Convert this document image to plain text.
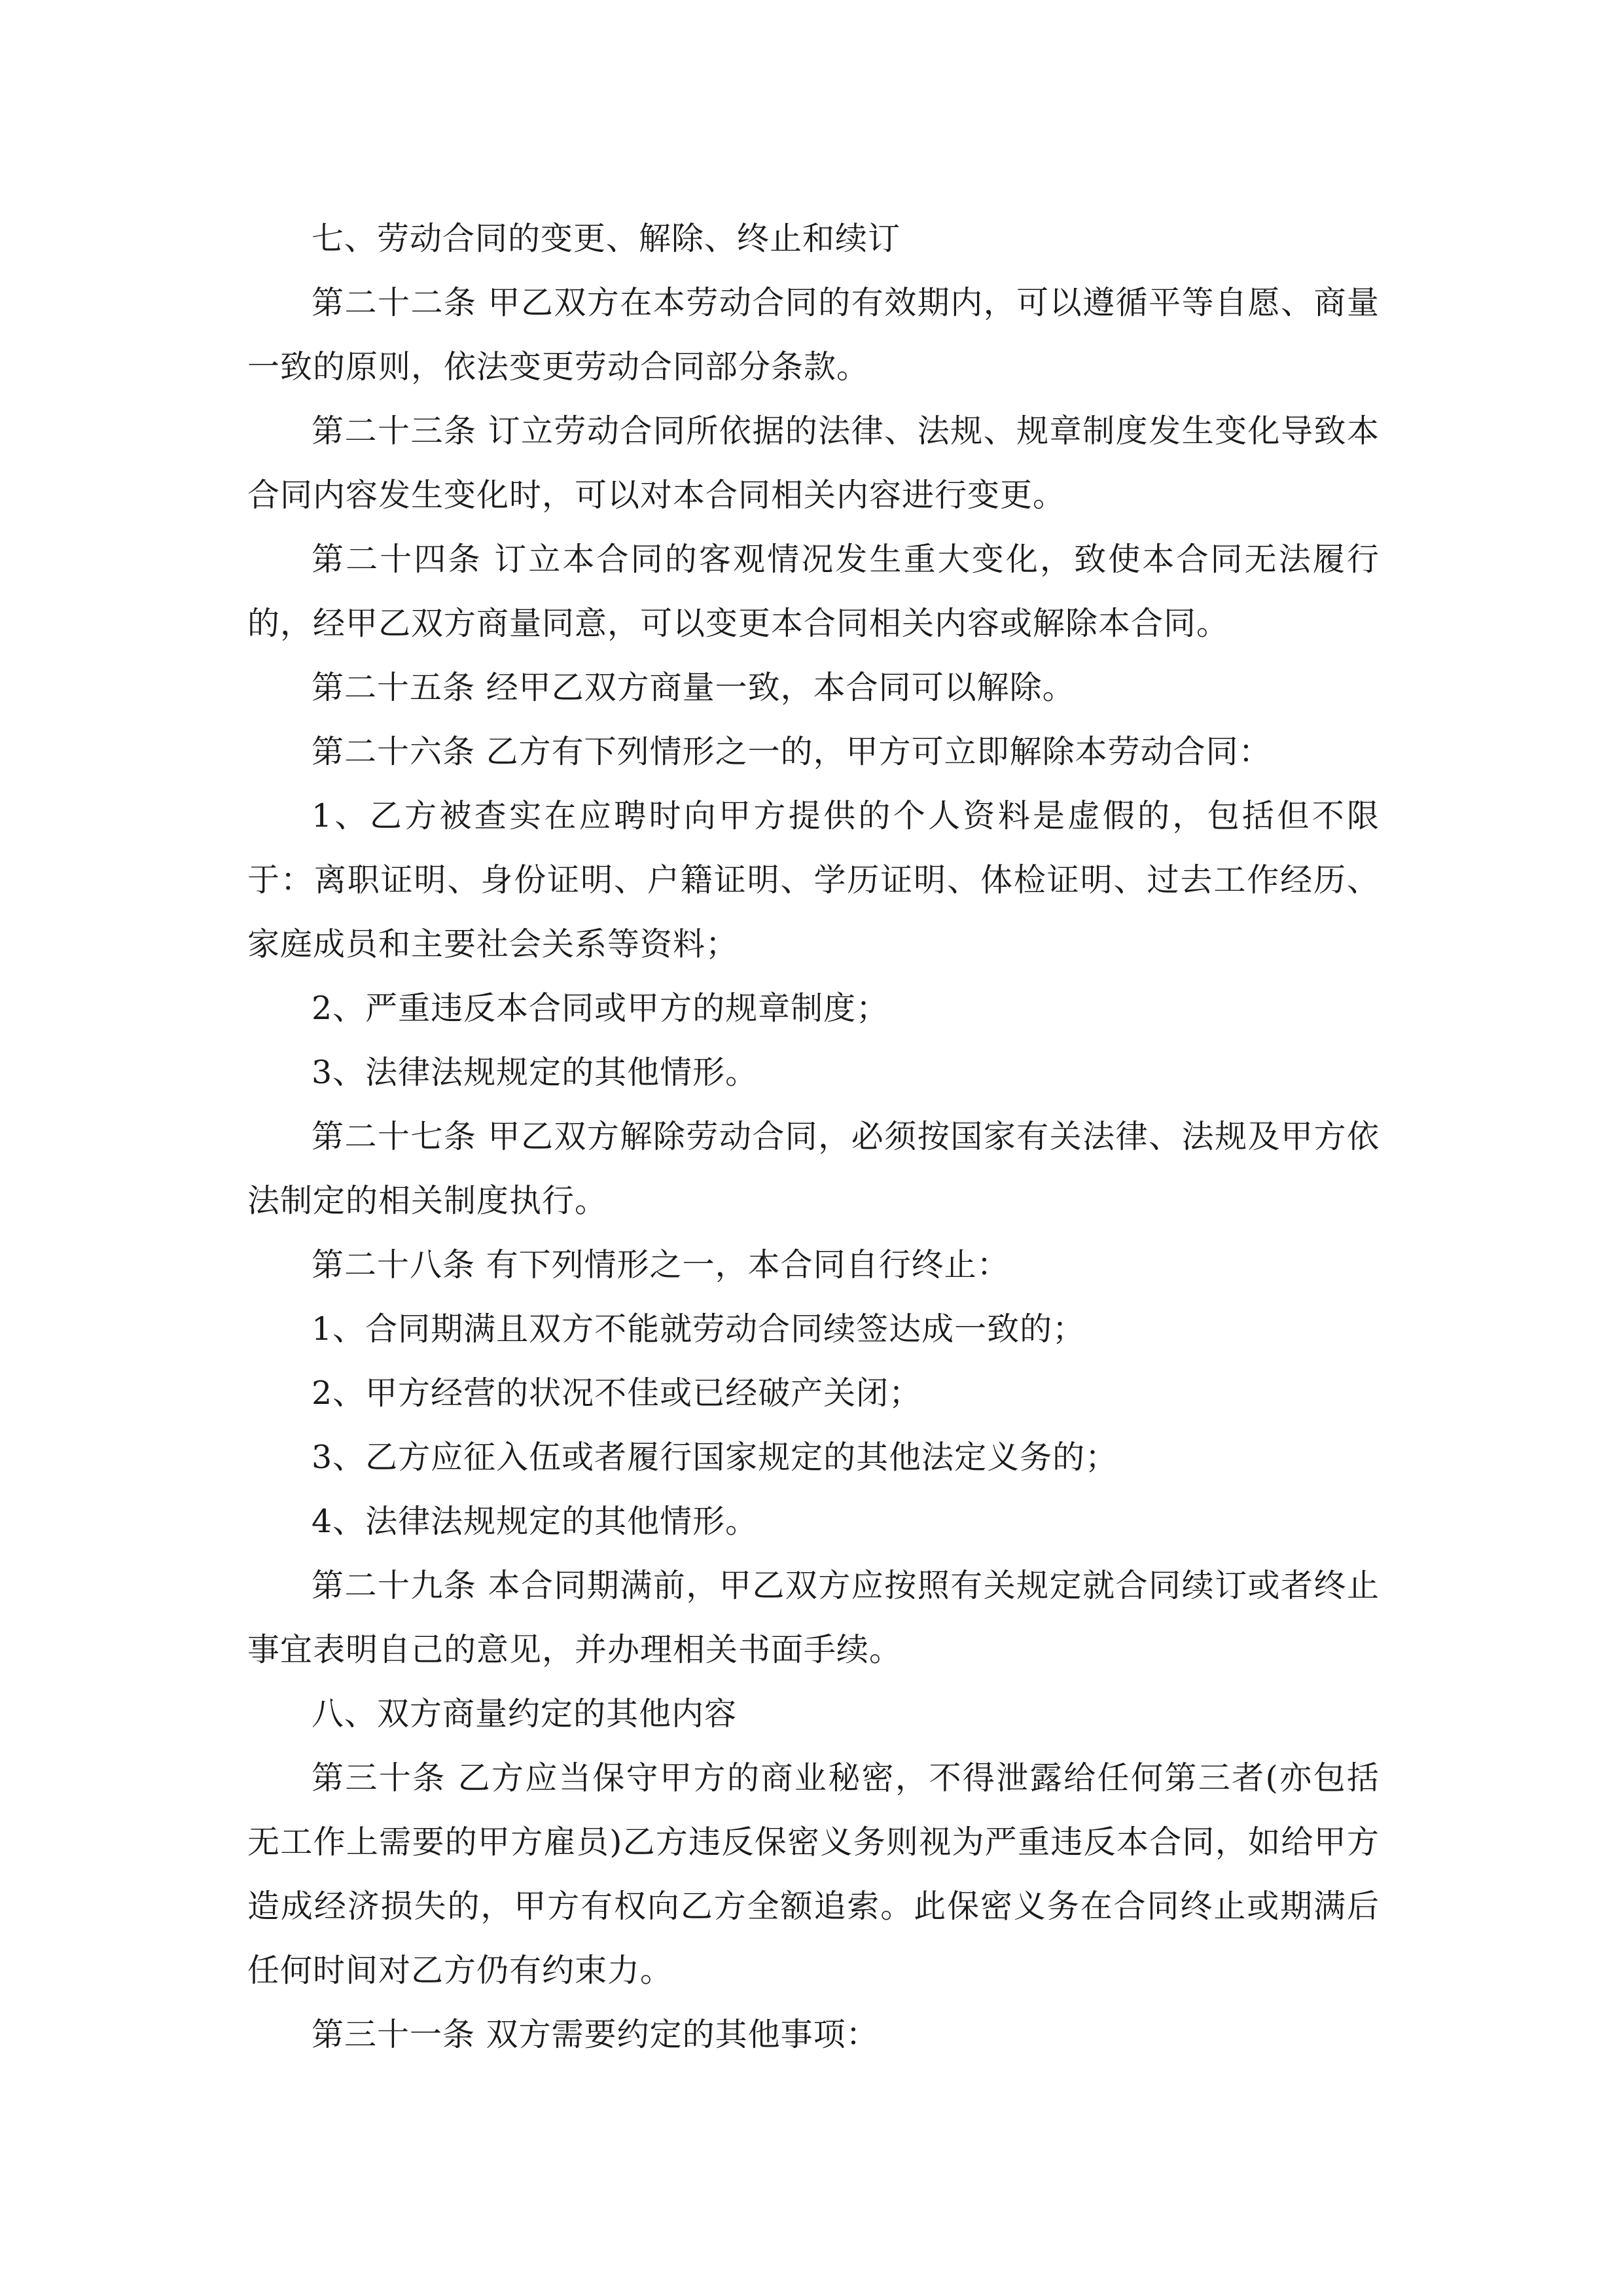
七、劳动合同的变更、解除、终止和续订

第二十二条 甲乙双方在本劳动合同的有效期内，可以遵循平等自愿、商量一致的原则，依法变更劳动合同部分条款。

第二十三条 订立劳动合同所依据的法律、法规、规章制度发生变化导致本合同内容发生变化时，可以对本合同相关内容进行变更。

第二十四条 订立本合同的客观情况发生重大变化，致使本合同无法履行的，经甲乙双方商量同意，可以变更本合同相关内容或解除本合同。

第二十五条 经甲乙双方商量一致，本合同可以解除。

第二十六条 乙方有下列情形之一的，甲方可立即解除本劳动合同：

1、乙方被查实在应聘时向甲方提供的个人资料是虚假的，包括但不限于：离职证明、身份证明、户籍证明、学历证明、体检证明、过去工作经历、家庭成员和主要社会关系等资料；

2、严重违反本合同或甲方的规章制度；

3、法律法规规定的其他情形。

第二十七条 甲乙双方解除劳动合同，必须按国家有关法律、法规及甲方依法制定的相关制度执行。

第二十八条 有下列情形之一，本合同自行终止：

1、合同期满且双方不能就劳动合同续签达成一致的；

2、甲方经营的状况不佳或已经破产关闭；

3、乙方应征入伍或者履行国家规定的其他法定义务的；

4、法律法规规定的其他情形。

第二十九条 本合同期满前，甲乙双方应按照有关规定就合同续订或者终止事宜表明自己的意见，并办理相关书面手续。

八、双方商量约定的其他内容

第三十条 乙方应当保守甲方的商业秘密，不得泄露给任何第三者(亦包括无工作上需要的甲方雇员)乙方违反保密义务则视为严重违反本合同，如给甲方造成经济损失的，甲方有权向乙方全额追索。此保密义务在合同终止或期满后任何时间对乙方仍有约束力。

第三十一条 双方需要约定的其他事项：
